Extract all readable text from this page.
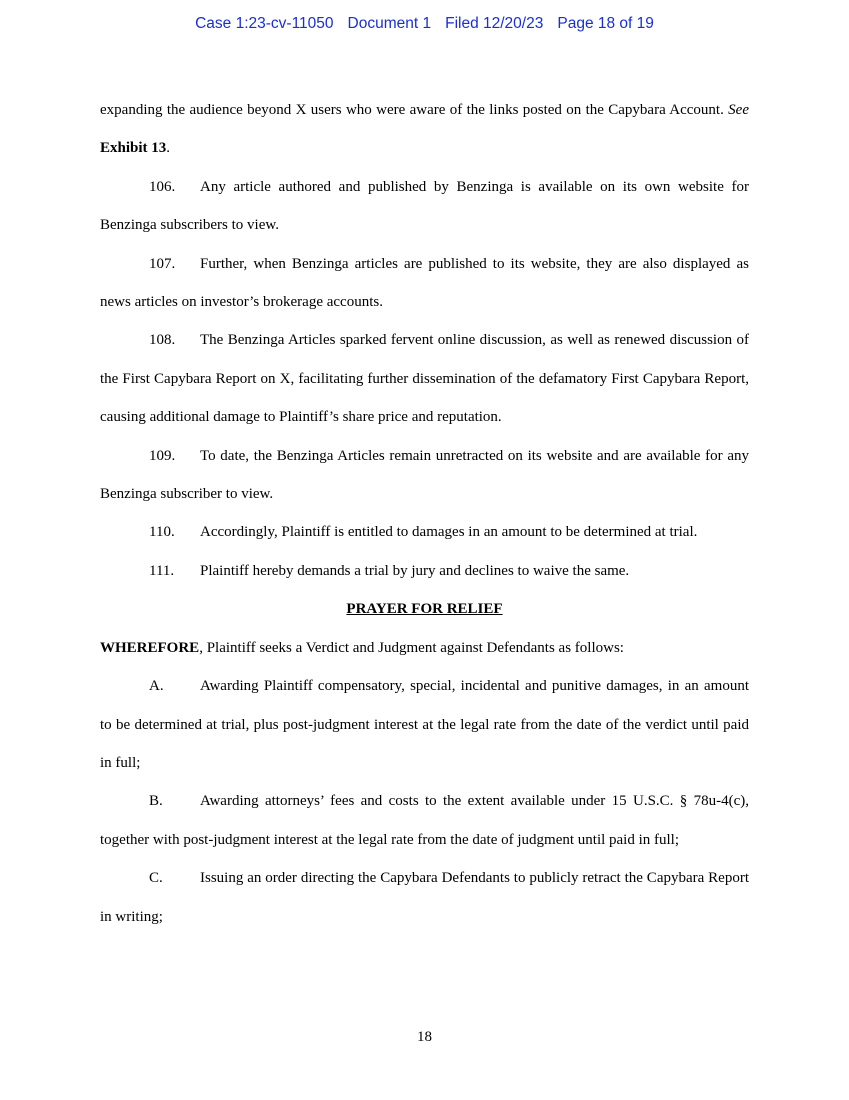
Case 1:23-cv-11050 Document 1 Filed 12/20/23 Page 18 of 19

expanding the audience beyond X users who were aware of the links posted on the Capybara Account. See Exhibit 13.

106. Any article authored and published by Benzinga is available on its own website for Benzinga subscribers to view.

107. Further, when Benzinga articles are published to its website, they are also displayed as news articles on investor’s brokerage accounts.

108. The Benzinga Articles sparked fervent online discussion, as well as renewed discussion of the First Capybara Report on X, facilitating further dissemination of the defamatory First Capybara Report, causing additional damage to Plaintiff’s share price and reputation.

109. To date, the Benzinga Articles remain unretracted on its website and are available for any Benzinga subscriber to view.

110. Accordingly, Plaintiff is entitled to damages in an amount to be determined at trial.

111. Plaintiff hereby demands a trial by jury and declines to waive the same.

PRAYER FOR RELIEF

WHEREFORE, Plaintiff seeks a Verdict and Judgment against Defendants as follows:

A. Awarding Plaintiff compensatory, special, incidental and punitive damages, in an amount to be determined at trial, plus post-judgment interest at the legal rate from the date of the verdict until paid in full;

B. Awarding attorneys’ fees and costs to the extent available under 15 U.S.C. § 78u-4(c), together with post-judgment interest at the legal rate from the date of judgment until paid in full;

C. Issuing an order directing the Capybara Defendants to publicly retract the Capybara Report in writing;

18
